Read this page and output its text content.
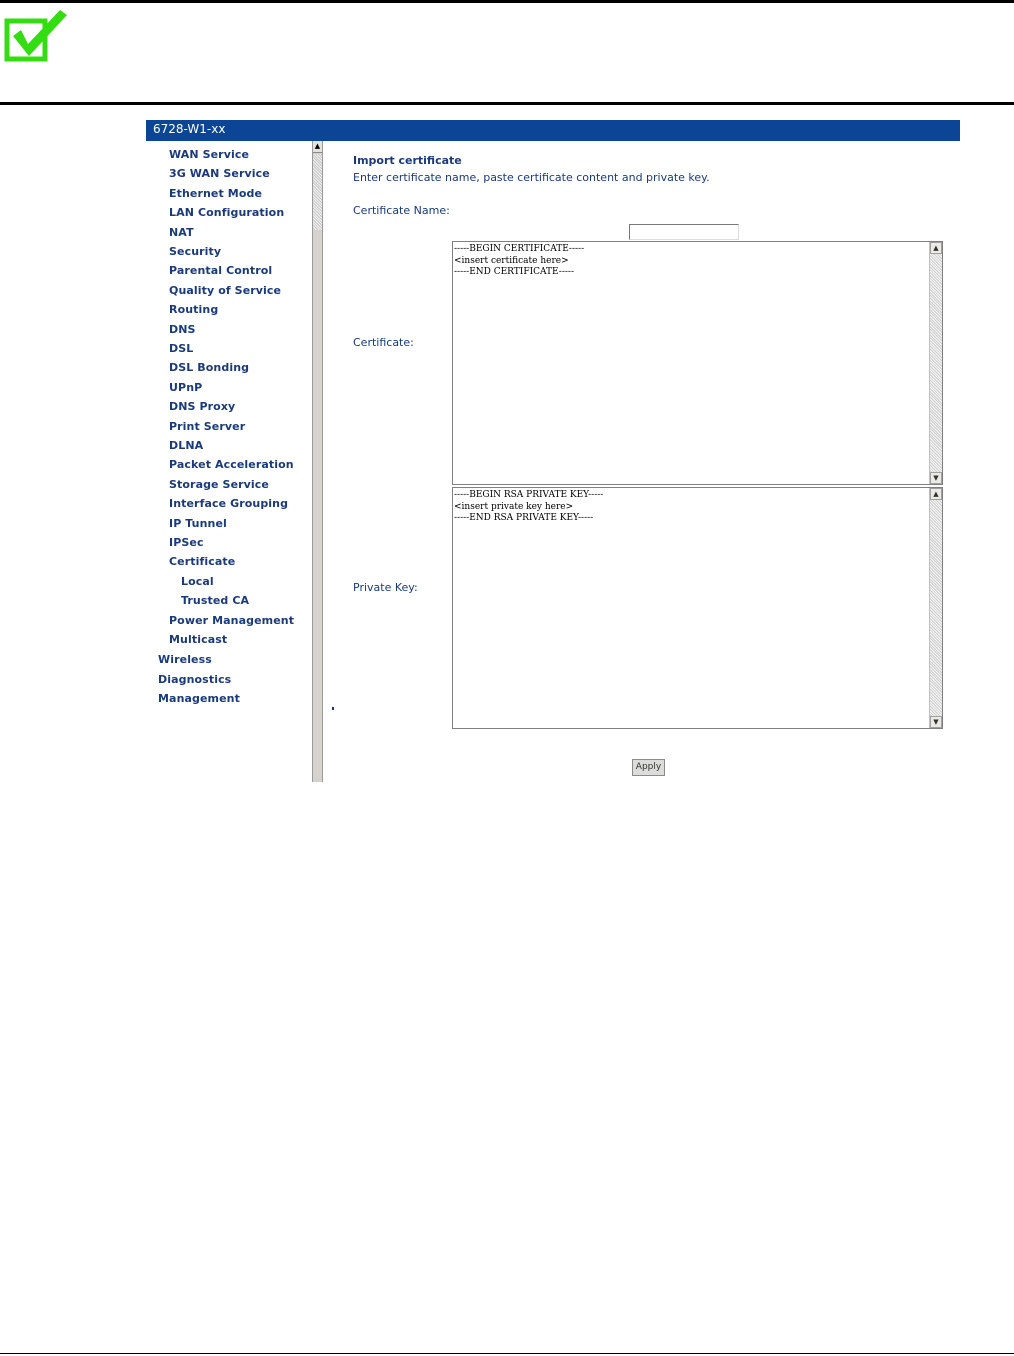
6728-W1-xx
WAN Service
3G WAN Service
Ethernet Mode
LAN Configuration
NAT
Security
Parental Control
Quality of Service
Routing
DNS
DSL
DSL Bonding
UPnP
DNS Proxy
Print Server
DLNA
Packet Acceleration
Storage Service
Interface Grouping
IP Tunnel
IPSec
Certificate
Local
Trusted CA
Power Management
Multicast
Wireless
Diagnostics
Management
▲
Import certificate
Enter certificate name, paste certificate content and private key.
Certificate Name:
Certificate:
-----BEGIN CERTIFICATE-----
<insert certificate here>
-----END CERTIFICATE-----
▲
▼
Private Key:
-----BEGIN RSA PRIVATE KEY-----
<insert private key here>
-----END RSA PRIVATE KEY-----
▲
▼
Apply
